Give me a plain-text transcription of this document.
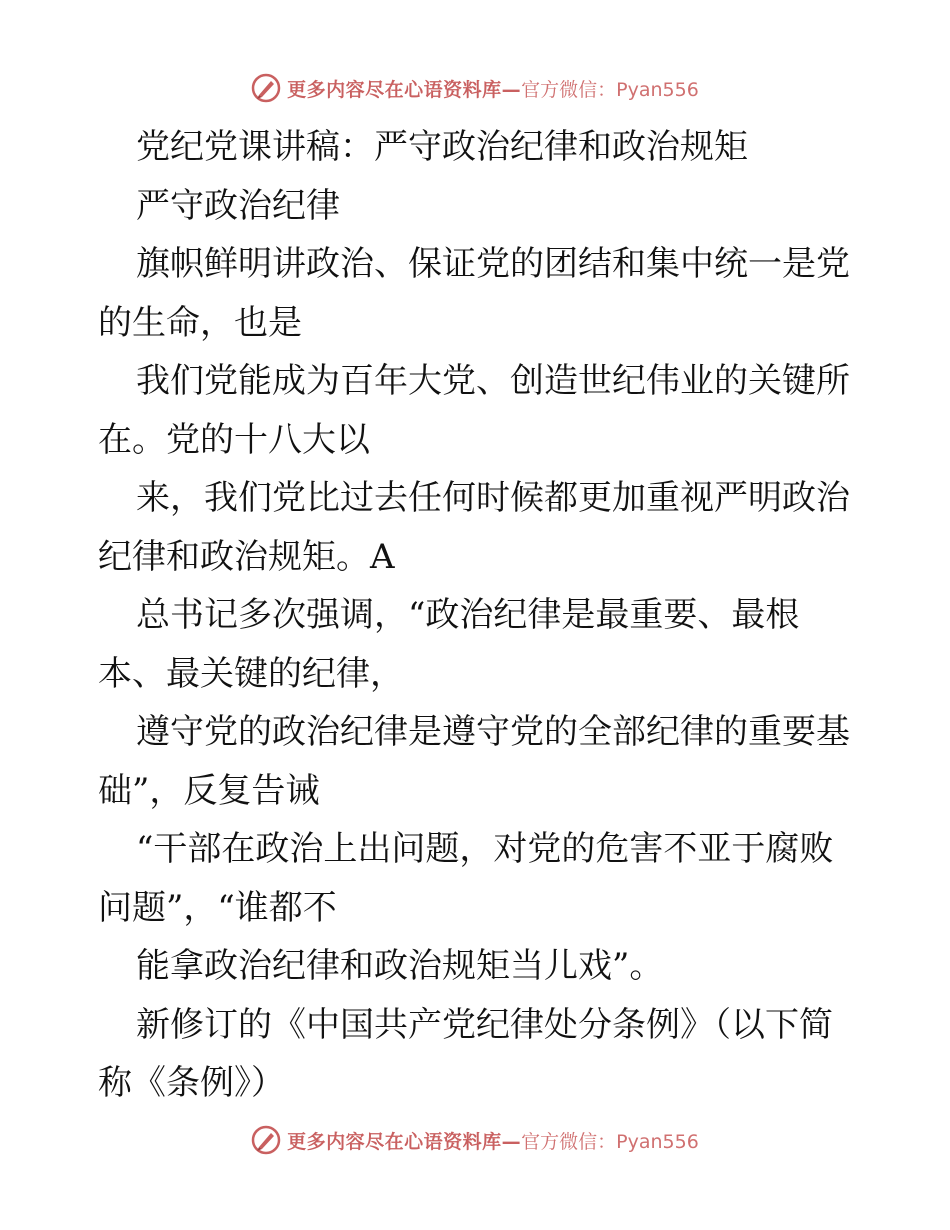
更多内容尽在心语资料库— 官方微信：Pyan556
党纪党课讲稿：严守政治纪律和政治规矩
严守政治纪律
旗帜鲜明讲政治、保证党的团结和集中统一是党
的生命，也是
我们党能成为百年大党、创造世纪伟业的关键所
在。党的十八大以
来，我们党比过去任何时候都更加重视严明政治
纪律和政治规矩。A
总书记多次强调，“政治纪律是最重要、最根
本、最关键的纪律，
遵守党的政治纪律是遵守党的全部纪律的重要基
础”，反复告诫
“干部在政治上出问题，对党的危害不亚于腐败
问题”，“谁都不
能拿政治纪律和政治规矩当儿戏”。
新修订的《中国共产党纪律处分条例》（以下简
称《条例》）
更多内容尽在心语资料库— 官方微信：Pyan556
